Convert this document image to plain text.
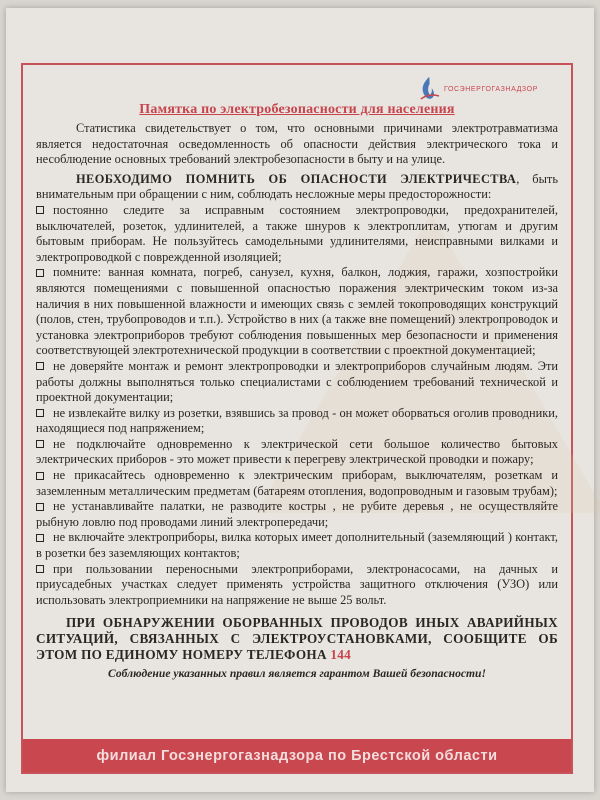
ГОСЭНЕРГОГАЗНАДЗОР
Памятка по электробезопасности для населения

Статистика свидетельствует о том, что основными причинами электротравматизма является недостаточная осведомленность об опасности действия электрического тока и несоблюдение основных требований электробезопасности в быту и на улице.

НЕОБХОДИМО ПОМНИТЬ ОБ ОПАСНОСТИ ЭЛЕКТРИЧЕСТВА, быть внимательным при обращении с ним, соблюдать несложные меры предосторожности:

постоянно следите за исправным состоянием электропроводки, предохранителей, выключателей, розеток, удлинителей, а также шнуров к электроплитам, утюгам и другим бытовым приборам. Не пользуйтесь самодельными удлинителями, неисправными вилками и электропроводкой с поврежденной изоляцией;

помните: ванная комната, погреб, санузел, кухня, балкон, лоджия, гаражи, хозпостройки являются помещениями с повышенной опасностью поражения электрическим током из-за наличия в них повышенной влажности и имеющих связь с землей токопроводящих конструкций (полов, стен, трубопроводов и т.п.). Устройство в них (а также вне помещений) электропроводок и установка электроприборов требуют соблюдения повышенных мер безопасности и применения соответствующей электротехнической продукции в соответствии с проектной документацией;

не доверяйте монтаж и ремонт электропроводки и электроприборов случайным людям. Эти работы должны выполняться только специалистами с соблюдением требований технической и проектной документации;

не извлекайте вилку из розетки, взявшись за провод - он может оборваться оголив проводники, находящиеся под напряжением;

не подключайте одновременно к электрической сети большое количество бытовых электрических приборов - это может привести к перегреву электрической проводки и пожару;

не прикасайтесь одновременно к электрическим приборам, выключателям, розеткам и заземленным металлическим предметам (батареям отопления, водопроводным и газовым трубам);

не устанавливайте палатки, не разводите костры , не рубите деревья , не осуществляйте рыбную ловлю под проводами линий электропередачи;

не включайте электроприборы, вилка которых имеет дополнительный (заземляющий ) контакт, в розетки без заземляющих контактов;

при пользовании переносными электроприборами, электронасосами, на дачных и приусадебных участках следует применять устройства защитного отключения (УЗО) или использовать электроприемники на напряжение не выше 25 вольт.

ПРИ ОБНАРУЖЕНИИ ОБОРВАННЫХ ПРОВОДОВ ИНЫХ АВАРИЙНЫХ СИТУАЦИЙ, СВЯЗАННЫХ С ЭЛЕКТРОУСТАНОВКАМИ, СООБЩИТЕ ОБ ЭТОМ ПО ЕДИНОМУ НОМЕРУ ТЕЛЕФОНА 144

Соблюдение указанных правил является гарантом Вашей безопасности!

филиал Госэнергогазнадзора по Брестской области
